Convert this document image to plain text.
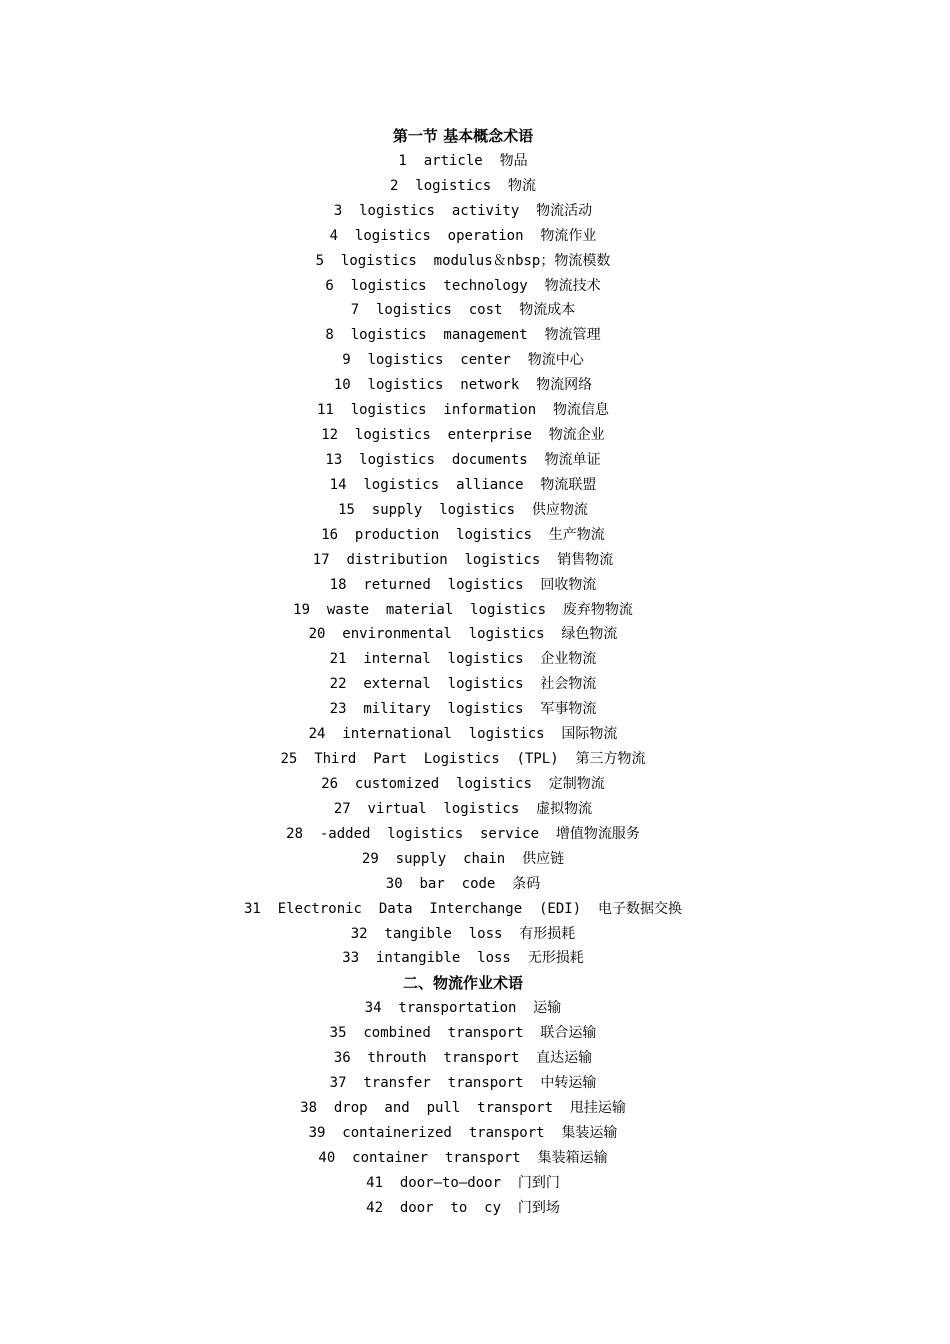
第一节 基本概念术语
1  article  物品
2  logistics  物流
3  logistics  activity  物流活动
4  logistics  operation  物流作业
5  logistics  modulus＆nbsp；物流模数
6  logistics  technology  物流技术
7  logistics  cost  物流成本
8  logistics  management  物流管理
9  logistics  center  物流中心
10  logistics  network  物流网络
11  logistics  information  物流信息
12  logistics  enterprise  物流企业
13  logistics  documents  物流单证
14  logistics  alliance  物流联盟
15  supply  logistics  供应物流
16  production  logistics  生产物流
17  distribution  logistics  销售物流
18  returned  logistics  回收物流
19  waste  material  logistics  废弃物物流
20  environmental  logistics  绿色物流
21  internal  logistics  企业物流
22  external  logistics  社会物流
23  military  logistics  军事物流
24  international  logistics  国际物流
25  Third  Part  Logistics  (TPL)  第三方物流
26  customized  logistics  定制物流
27  virtual  logistics  虚拟物流
28  -added  logistics  service  增值物流服务
29  supply  chain  供应链
30  bar  code  条码
31  Electronic  Data  Interchange  (EDI)  电子数据交换
32  tangible  loss  有形损耗
33  intangible  loss  无形损耗
二、物流作业术语
34  transportation  运输
35  combined  transport  联合运输
36  throuth  transport  直达运输
37  transfer  transport  中转运输
38  drop  and  pull  transport  甩挂运输
39  containerized  transport  集装运输
40  container  transport  集装箱运输
41  door—to—door  门到门
42  door  to  cy  门到场
